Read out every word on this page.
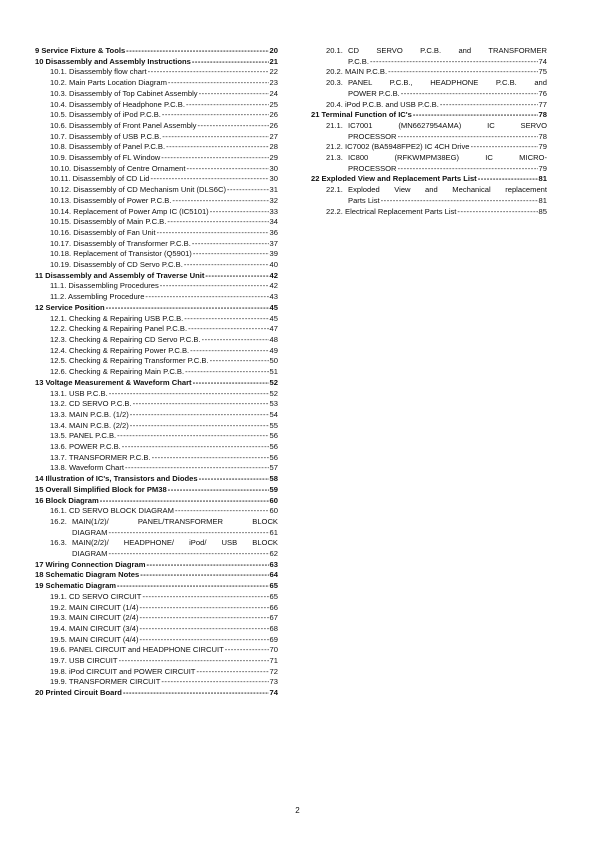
9 Service Fixture & Tools -----	20
10 Disassembly and Assembly Instructions -----	21
10.1. Disassembly flow chart -----	22
10.2. Main Parts Location Diagram -----	23
10.3. Disassembly of Top Cabinet Assembly -----	24
10.4. Disassembly of Headphone P.C.B. -----	25
10.5. Disassembly of iPod P.C.B. -----	26
10.6. Disassembly of Front Panel Assembly -----	26
10.7. Disassembly of USB P.C.B. -----	27
10.8. Disassembly of Panel P.C.B. -----	28
10.9. Disassembly of FL Window -----	29
10.10. Disassembly of Centre Ornament -----	30
10.11. Disassembly of CD Lid -----	30
10.12. Disassembly of CD Mechanism Unit (DLS6C) -----	31
10.13. Disassembly of Power P.C.B. -----	32
10.14. Replacement of Power Amp IC (IC5101) -----	33
10.15. Disassembly of Main P.C.B. -----	34
10.16. Disassembly of Fan Unit -----	36
10.17. Disassembly of Transformer P.C.B. -----	37
10.18. Replacement of Transistor (Q5901) -----	39
10.19. Disassembly of CD Servo P.C.B. -----	40
11 Disassembly and Assembly of Traverse Unit -----	42
11.1. Disassembling Procedures -----	42
11.2. Assembling Procedure -----	43
12 Service Position -----	45
12.1. Checking & Repairing USB P.C.B. -----	45
12.2. Checking & Repairing Panel P.C.B. -----	47
12.3. Checking & Repairing CD Servo P.C.B. -----	48
12.4. Checking & Repairing Power P.C.B. -----	49
12.5. Checking & Repairing Transformer P.C.B. -----	50
12.6. Checking & Repairing Main P.C.B. -----	51
13 Voltage Measurement & Waveform Chart -----	52
13.1. USB P.C.B. -----	52
13.2. CD SERVO P.C.B. -----	53
13.3. MAIN P.C.B. (1/2) -----	54
13.4. MAIN P.C.B. (2/2) -----	55
13.5. PANEL P.C.B. -----	56
13.6. POWER P.C.B. -----	56
13.7. TRANSFORMER P.C.B. -----	56
13.8. Waveform Chart -----	57
14 Illustration of IC's, Transistors and Diodes -----	58
15 Overall Simplified Block for PM38 -----	59
16 Block Diagram -----	60
16.1. CD SERVO BLOCK DIAGRAM -----	60
16.2. MAIN(1/2)/ PANEL/TRANSFORMER BLOCK
DIAGRAM -----	61
16.3. MAIN(2/2)/ HEADPHONE/ iPod/ USB BLOCK
DIAGRAM -----	62
17 Wiring Connection Diagram -----	63
18 Schematic Diagram Notes -----	64
19 Schematic Diagram -----	65
19.1. CD SERVO CIRCUIT -----	65
19.2. MAIN CIRCUIT (1/4) -----	66
19.3. MAIN CIRCUIT (2/4) -----	67
19.4. MAIN CIRCUIT (3/4) -----	68
19.5. MAIN CIRCUIT (4/4) -----	69
19.6. PANEL CIRCUIT and HEADPHONE CIRCUIT -----	70
19.7. USB CIRCUIT -----	71
19.8. iPod CIRCUIT and POWER CIRCUIT -----	72
19.9. TRANSFORMER CIRCUIT -----	73
20 Printed Circuit Board -----	74
20.1. CD SERVO P.C.B. and TRANSFORMER
P.C.B. -----	74
20.2. MAIN P.C.B. -----	75
20.3. PANEL P.C.B., HEADPHONE P.C.B. and
POWER P.C.B. -----	76
20.4. iPod P.C.B. and USB P.C.B. -----	77
21 Terminal Function of IC's -----	78
21.1. IC7001 (MN6627954AMA) IC SERVO
PROCESSOR -----	78
21.2. IC7002 (BA5948FPE2) IC 4CH Drive -----	79
21.3. IC800 (RFKWMPM38EG) IC MICRO-
PROCESSOR -----	79
22 Exploded View and Replacement Parts List -----	81
22.1. Exploded View and Mechanical replacement
Parts List -----	81
22.2. Electrical Replacement Parts List -----	85
2
